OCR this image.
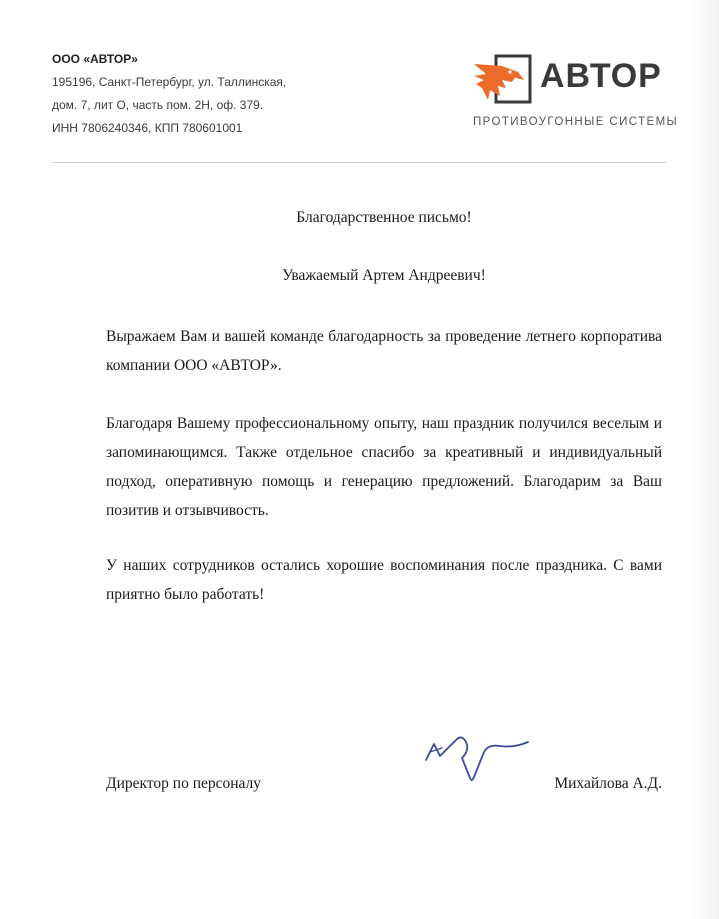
ООО «АВТОР»
195196, Санкт-Петербург, ул. Таллинская,
дом. 7, лит О, часть пом. 2Н, оф. 379.
ИНН 7806240346, КПП 780601001
АВТОР
ПРОТИВОУГОННЫЕ СИСТЕМЫ
Благодарственное письмо!
Уважаемый Артем Андреевич!

Выражаем Вам и вашей команде благодарность за проведение летнего корпоратива компании ООО «АВТОР».

Благодаря Вашему профессиональному опыту, наш праздник получился веселым и запоминающимся. Также отдельное спасибо за креативный и индивидуальный подход, оперативную помощь и генерацию предложений. Благодарим за Ваш позитив и отзывчивость.

У наших сотрудников остались хорошие воспоминания после праздника. С вами приятно было работать!

Директор по персоналу	Михайлова А.Д.
